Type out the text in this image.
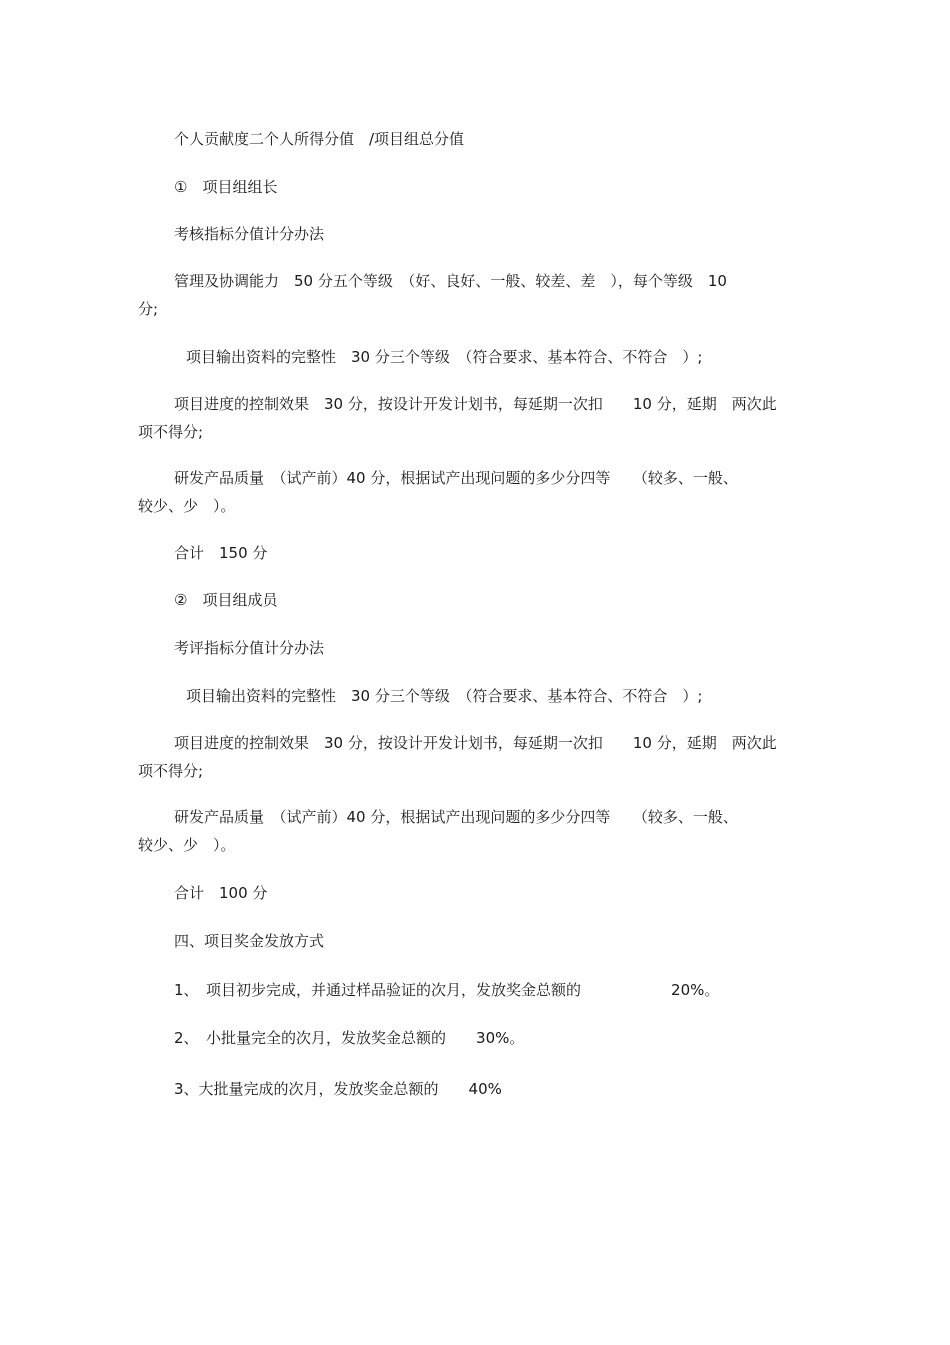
个人贡献度二个人所得分值　/项目组总分值
①　项目组组长
考核指标分值计分办法
管理及协调能力　50 分五个等级　（好、良好、一般、较差、差　），每个等级　10
分;
项目输出资料的完整性　30 分三个等级　（符合要求、基本符合、不符合　）;
项目进度的控制效果　30 分，按设计开发计划书，每延期一次扣　　10 分，延期　两次此
项不得分;
研发产品质量　（试产前）40 分，根据试产出现问题的多少分四等　　（较多、一般、
较少、少　）。
合计　150 分
②　项目组成员
考评指标分值计分办法
项目输出资料的完整性　30 分三个等级　（符合要求、基本符合、不符合　）;
项目进度的控制效果　30 分，按设计开发计划书，每延期一次扣　　10 分，延期　两次此
项不得分;
研发产品质量　（试产前）40 分，根据试产出现问题的多少分四等　　（较多、一般、
较少、少　）。
合计　100 分
四、项目奖金发放方式
1、　项目初步完成，并通过样品验证的次月，发放奖金总额的　　　　　　20%。
2、　小批量完全的次月，发放奖金总额的　　30%。
3、大批量完成的次月，发放奖金总额的　　40%
